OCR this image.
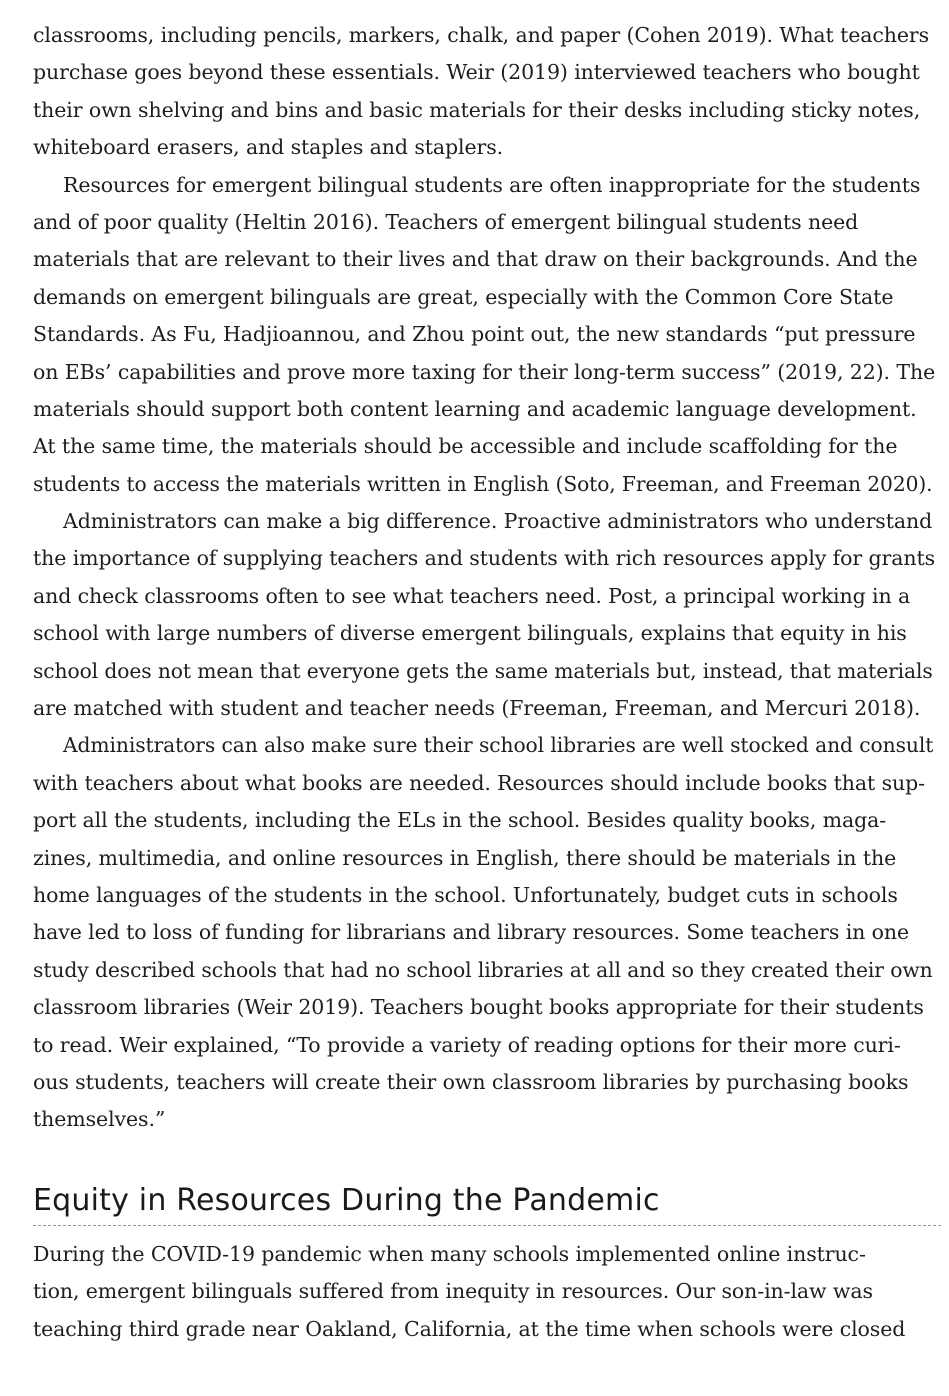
classrooms, including pencils, markers, chalk, and paper (Cohen 2019). What teachers
purchase goes beyond these essentials. Weir (2019) interviewed teachers who bought
their own shelving and bins and basic materials for their desks including sticky notes,
whiteboard erasers, and staples and staplers.
Resources for emergent bilingual students are often inappropriate for the students
and of poor quality (Heltin 2016). Teachers of emergent bilingual students need
materials that are relevant to their lives and that draw on their backgrounds. And the
demands on emergent bilinguals are great, especially with the Common Core State
Standards. As Fu, Hadjioannou, and Zhou point out, the new standards “put pressure
on EBs’ capabilities and prove more taxing for their long-term success” (2019, 22). The
materials should support both content learning and academic language development.
At the same time, the materials should be accessible and include scaffolding for the
students to access the materials written in English (Soto, Freeman, and Freeman 2020).
Administrators can make a big difference. Proactive administrators who understand
the importance of supplying teachers and students with rich resources apply for grants
and check classrooms often to see what teachers need. Post, a principal working in a
school with large numbers of diverse emergent bilinguals, explains that equity in his
school does not mean that everyone gets the same materials but, instead, that materials
are matched with student and teacher needs (Freeman, Freeman, and Mercuri 2018).
Administrators can also make sure their school libraries are well stocked and consult
with teachers about what books are needed. Resources should include books that sup-
port all the students, including the ELs in the school. Besides quality books, maga-
zines, multimedia, and online resources in English, there should be materials in the
home languages of the students in the school. Unfortunately, budget cuts in schools
have led to loss of funding for librarians and library resources. Some teachers in one
study described schools that had no school libraries at all and so they created their own
classroom libraries (Weir 2019). Teachers bought books appropriate for their students
to read. Weir explained, “To provide a variety of reading options for their more curi-
ous students, teachers will create their own classroom libraries by purchasing books
themselves.”
Equity in Resources During the Pandemic
During the COVID-19 pandemic when many schools implemented online instruc-
tion, emergent bilinguals suffered from inequity in resources. Our son-in-law was
teaching third grade near Oakland, California, at the time when schools were closed
